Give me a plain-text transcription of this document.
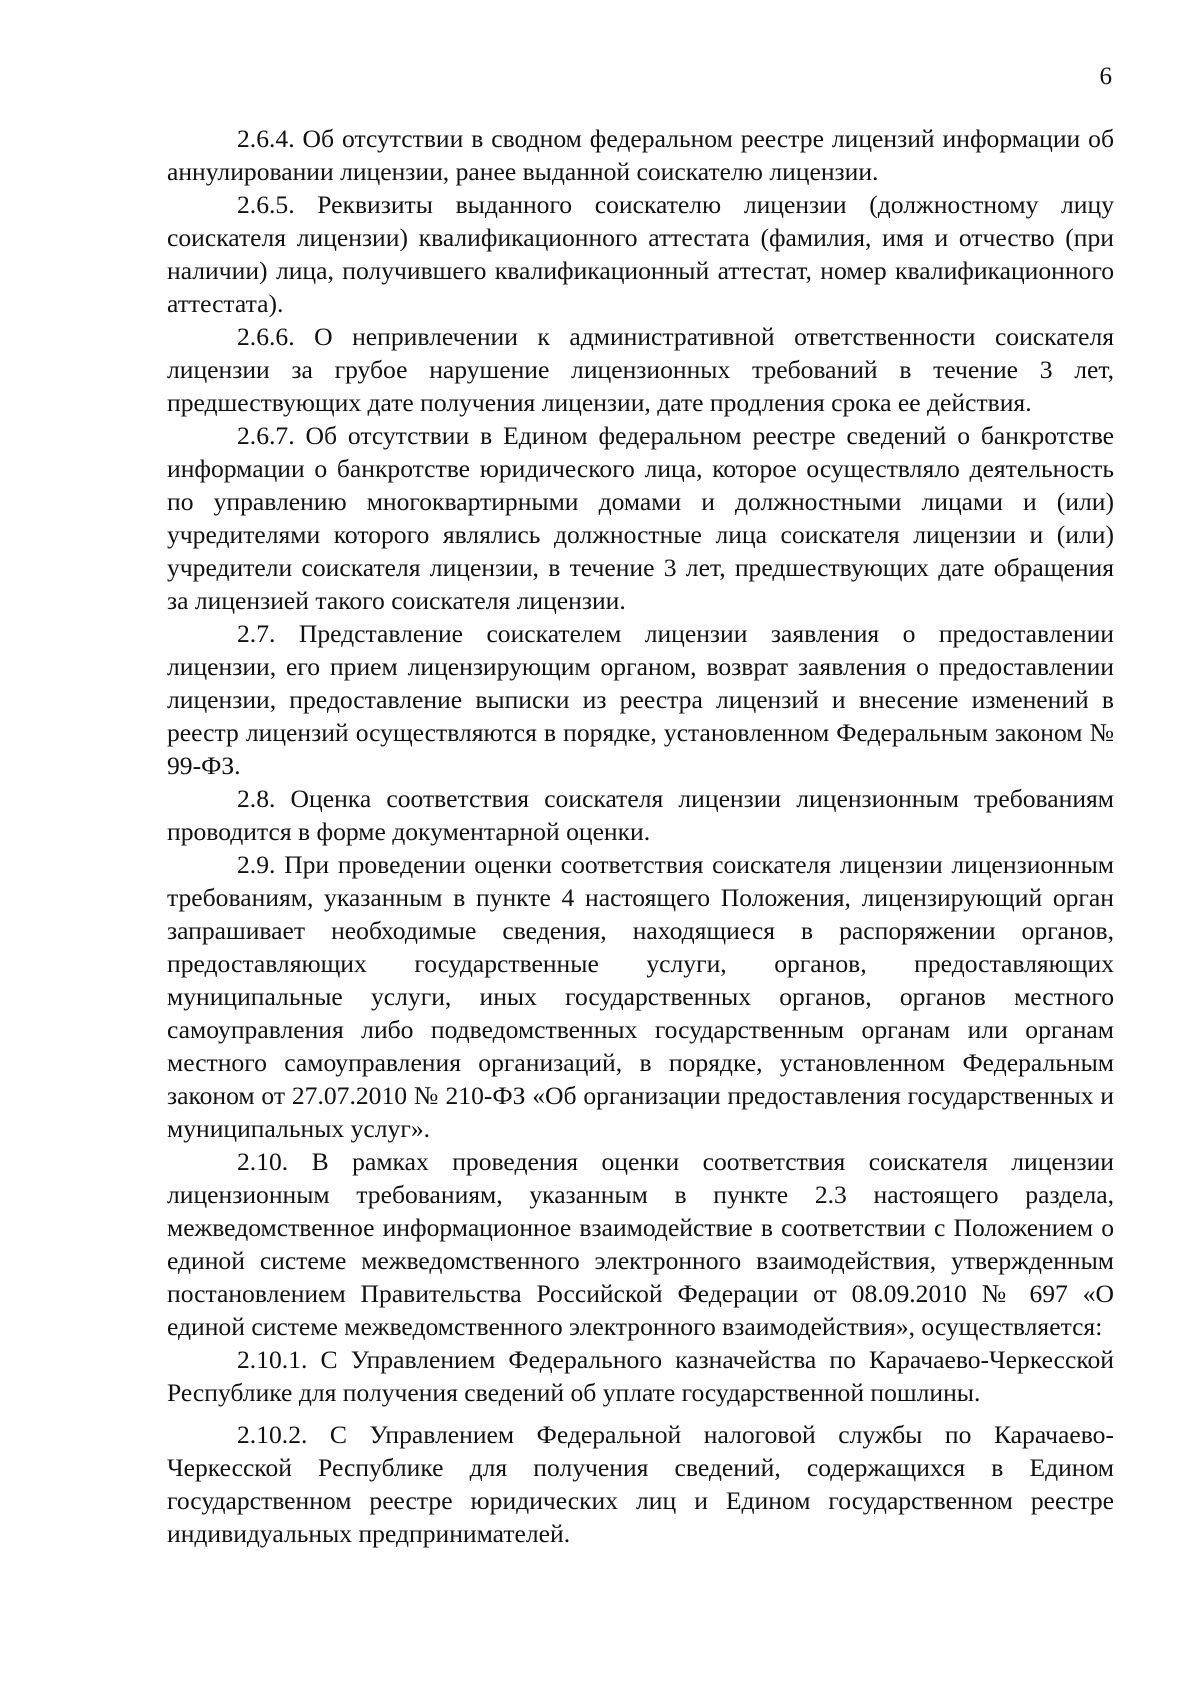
6

2.6.4. Об отсутствии в сводном федеральном реестре лицензий информации об аннулировании лицензии, ранее выданной соискателю лицензии.

2.6.5. Реквизиты выданного соискателю лицензии (должностному лицу соискателя лицензии) квалификационного аттестата (фамилия, имя и отчество (при наличии) лица, получившего квалификационный аттестат, номер квалификационного аттестата).

2.6.6. О непривлечении к административной ответственности соискателя лицензии за грубое нарушение лицензионных требований в течение 3 лет, предшествующих дате получения лицензии, дате продления срока ее действия.

2.6.7. Об отсутствии в Едином федеральном реестре сведений о банкротстве информации о банкротстве юридического лица, которое осуществляло деятельность по управлению многоквартирными домами и должностными лицами и (или) учредителями которого являлись должностные лица соискателя лицензии и (или) учредители соискателя лицензии, в течение 3 лет, предшествующих дате обращения за лицензией такого соискателя лицензии.

2.7. Представление соискателем лицензии заявления о предоставлении лицензии, его прием лицензирующим органом, возврат заявления о предоставлении лицензии, предоставление выписки из реестра лицензий и внесение изменений в реестр лицензий осуществляются в порядке, установленном Федеральным законом № 99-ФЗ.

2.8. Оценка соответствия соискателя лицензии лицензионным требованиям проводится в форме документарной оценки.

2.9. При проведении оценки соответствия соискателя лицензии лицензионным требованиям, указанным в пункте 4 настоящего Положения, лицензирующий орган запрашивает необходимые сведения, находящиеся в распоряжении органов, предоставляющих государственные услуги, органов, предоставляющих муниципальные услуги, иных государственных органов, органов местного самоуправления либо подведомственных государственным органам или органам местного самоуправления организаций, в порядке, установленном Федеральным законом от 27.07.2010 № 210-ФЗ «Об организации предоставления государственных и муниципальных услуг».

2.10. В рамках проведения оценки соответствия соискателя лицензии лицензионным требованиям, указанным в пункте 2.3 настоящего раздела, межведомственное информационное взаимодействие в соответствии с Положением о единой системе межведомственного электронного взаимодействия, утвержденным постановлением Правительства Российской Федерации от 08.09.2010 № 697 «О единой системе межведомственного электронного взаимодействия», осуществляется:

2.10.1. С Управлением Федерального казначейства по Карачаево-Черкесской Республике для получения сведений об уплате государственной пошлины.

2.10.2. С Управлением Федеральной налоговой службы по Карачаево-Черкесской Республике для получения сведений, содержащихся в Едином государственном реестре юридических лиц и Едином государственном реестре индивидуальных предпринимателей.
